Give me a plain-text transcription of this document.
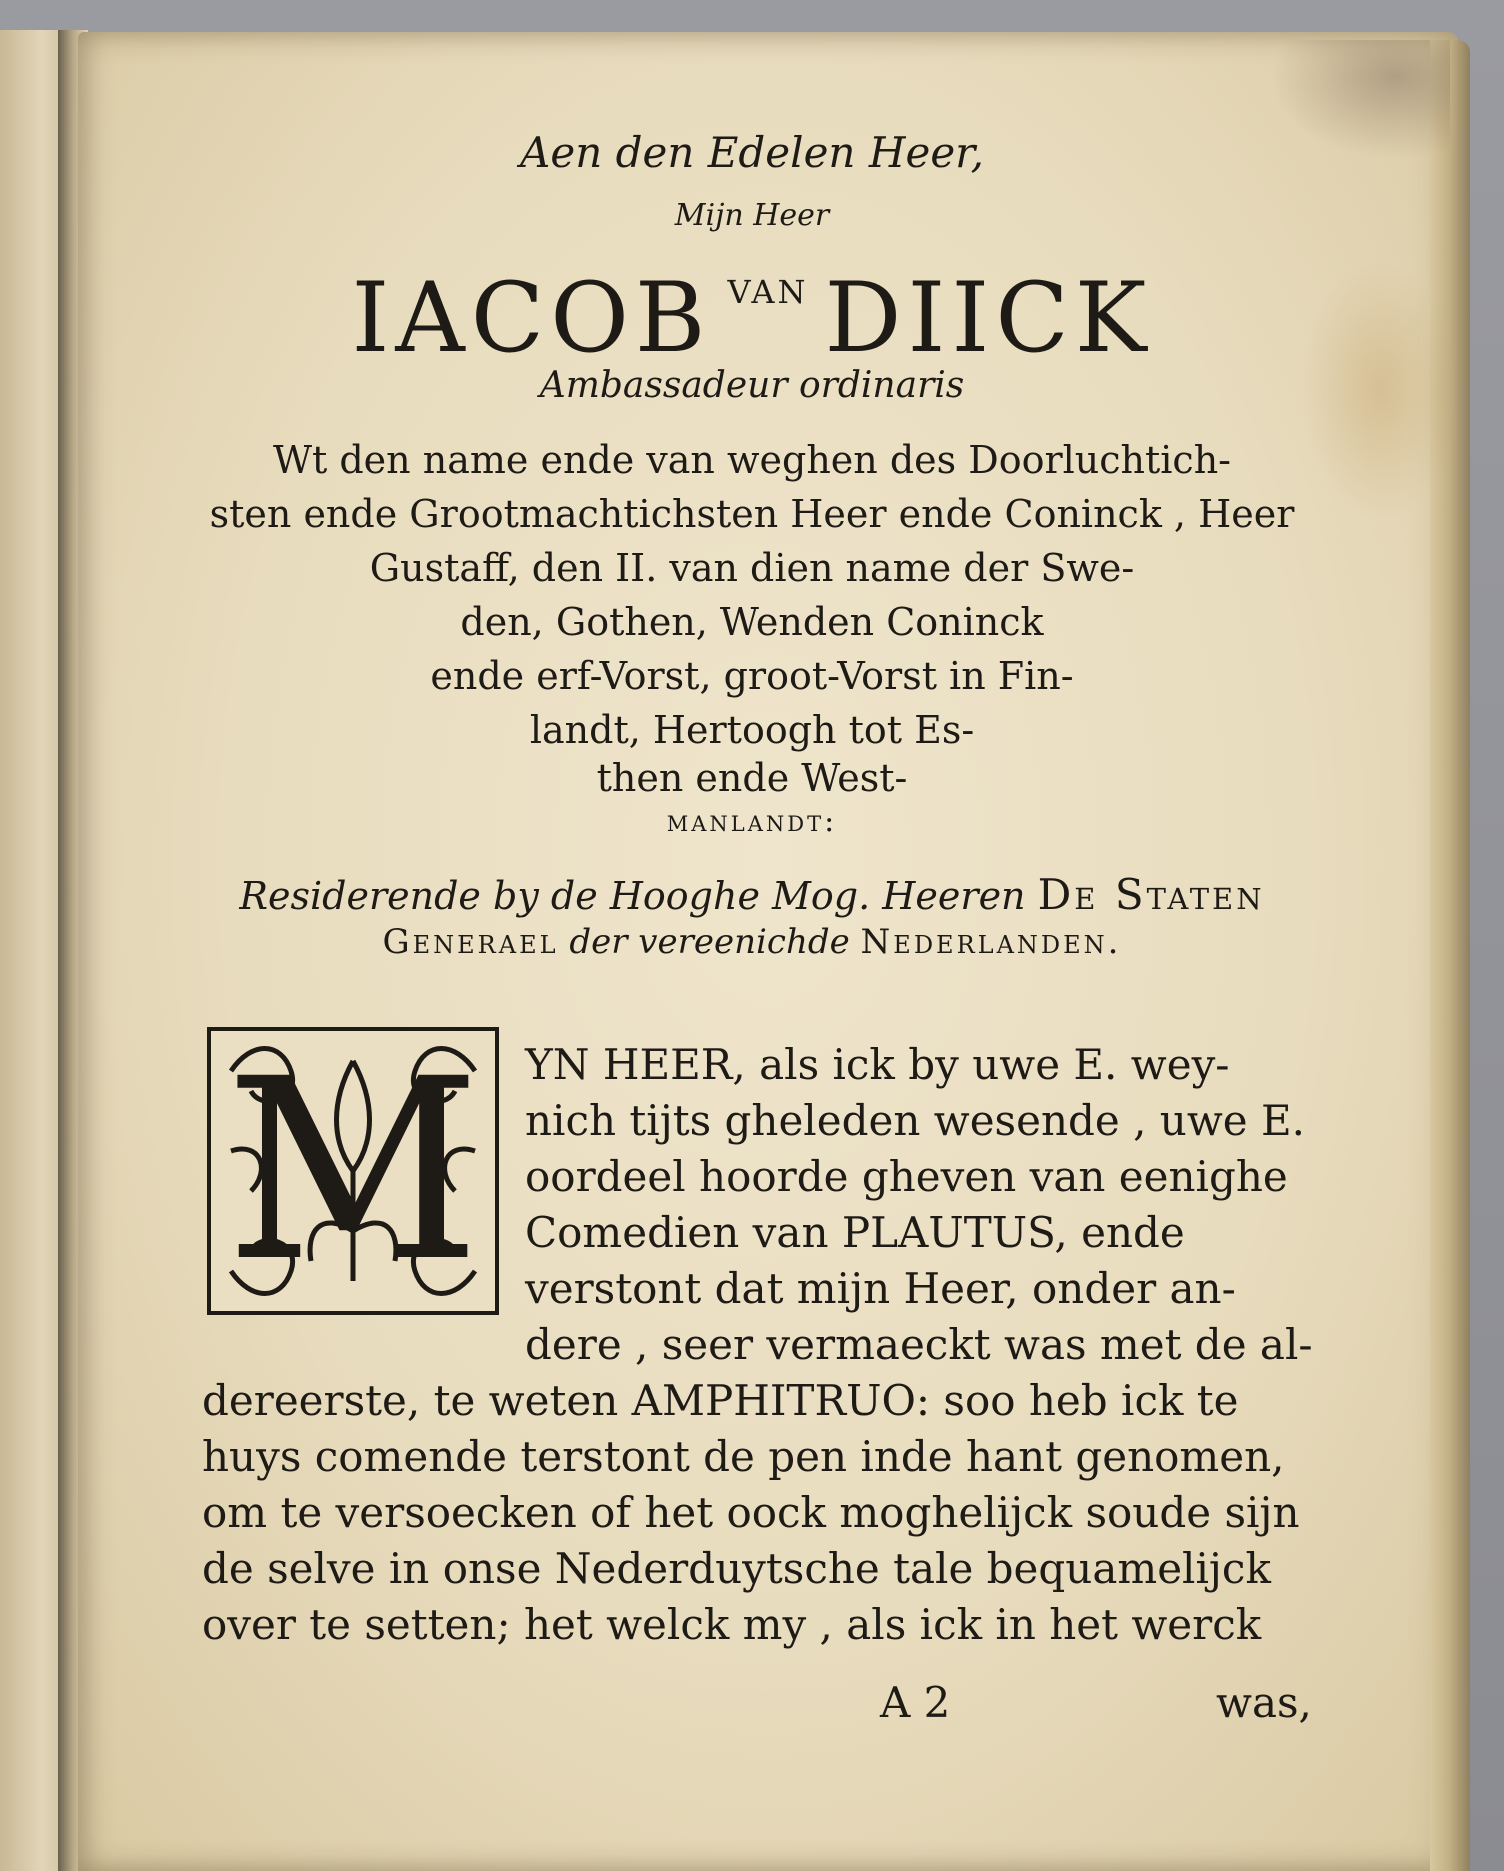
Aen den Edelen Heer,
Mijn Heer
IACOB $^{VAN}$ DIICK
Ambassadeur ordinaris
Wt den name ende van weghen des Doorluchtich-
sten ende Grootmachtichsten Heer ende Coninck , Heer
Gustaff, den II. van dien name der Swe-
den, Gothen, Wenden Coninck
ende erf-Vorst, groot-Vorst in Fin-
landt, Hertoogh tot Es-
then ende West-
manlandt:
Residerende by de Hooghe Mog. Heeren De Staten
Generael der vereenichde Nederlanden.
M	YN HEER, als ick by uwe E. wey-
nich tijts gheleden wesende , uwe E.
oordeel hoorde gheven van eenighe
Comedien van PLAUTUS, ende
verstont dat mijn Heer, onder an-
dere , seer vermaeckt was met de al-
dereerste, te weten AMPHITRUO: soo heb ick te
huys comende terstont de pen inde hant genomen,
om te versoecken of het oock moghelijck soude sijn
de selve in onse Nederduytsche tale bequamelijck
over te setten; het welck my , als ick in het werck
A 2	was,
